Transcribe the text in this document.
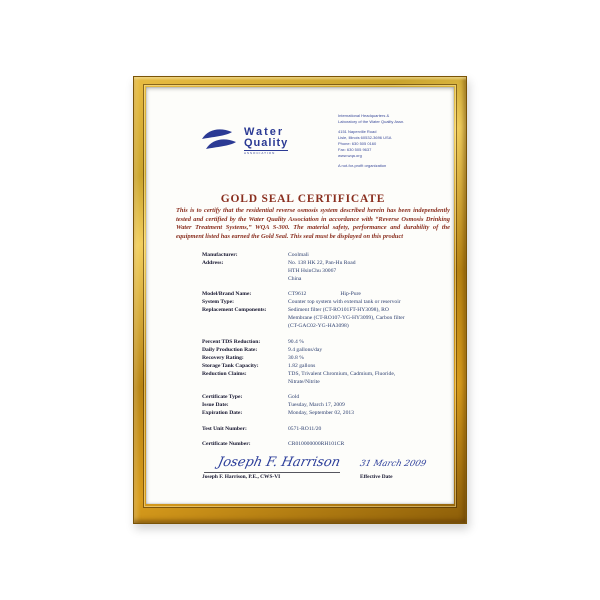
Water
Quality
ASSOCIATION
International Headquarters &
Laboratory of the Water Quality Assn.
4151 Naperville Road
Lisle, Illinois 60532-3696 USA
Phone: 630 505 0160
Fax: 630 505 9637
www.wqa.org
A not-for-profit organization
GOLD SEAL CERTIFICATE
This is to certify that the residential reverse osmosis system described herein has been independently tested and certified by the Water Quality Association in accordance with “Reverse Osmosis Drinking Water Treatment Systems,” WQA S-300. The material safety, performance and durability of the equipment listed has earned the Gold Seal. This seal must be displayed on this product
Manufacturer:	Coolmali
Address:	No. 138 HK 22, Pan-Hu Road
HTH HsinChu 30067
China
Model/Brand Name:	CT9612	Hip-Pure
System Type:	Counter top system with external tank or reservoir
Replacement Components:	Sediment filter (CT-RO101FT-HY3098), RO
Membrane (CT-RO107-YG-HY3099), Carbon filter
(CT-GAC02-YG-HA3098)
Percent TDS Reduction:	90.4 %
Daily Production Rate:	9.4 gallons/day
Recovery Rating:	30.8 %
Storage Tank Capacity:	1.82 gallons
Reduction Claims:	TDS, Trivalent Chromium, Cadmium, Fluoride,
Nitrate/Nitrite
Certificate Type:	Gold
Issue Date:	Tuesday, March 17, 2009
Expiration Date:	Monday, September 02, 2013
Test Unit Number:	0571-RO11/20
Certificate Number:	CR010000000RH101CR
Joseph F. Harrison 31 March 2009
Joseph F. Harrison, P.E., CWS-VI	Effective Date
